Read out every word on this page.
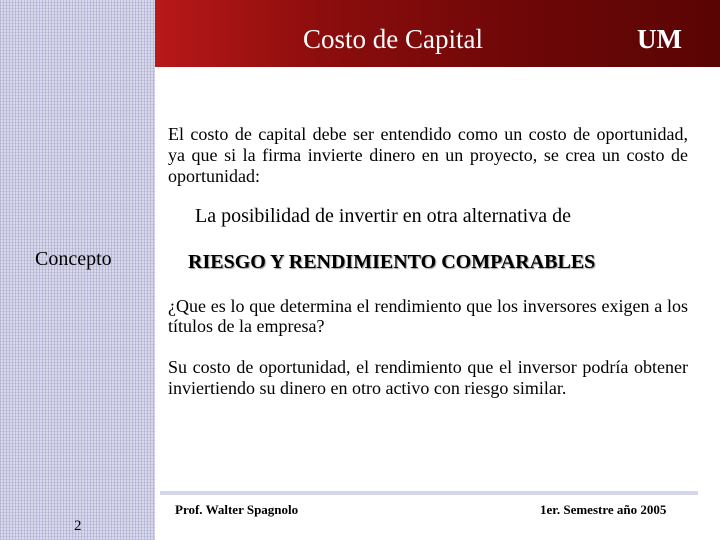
Costo de Capital	UM
El costo de capital debe ser entendido como un costo de oportunidad, ya que si la firma invierte dinero en un proyecto, se crea un costo de oportunidad:
La posibilidad de invertir en otra alternativa de
RIESGO Y RENDIMIENTO COMPARABLES
Concepto
¿Que es lo que determina el rendimiento que los inversores exigen a los títulos de la empresa?
Su costo de oportunidad, el rendimiento que el inversor podría obtener inviertiendo su dinero en otro activo con riesgo similar.
Prof. Walter Spagnolo	1er. Semestre año 2005
2
